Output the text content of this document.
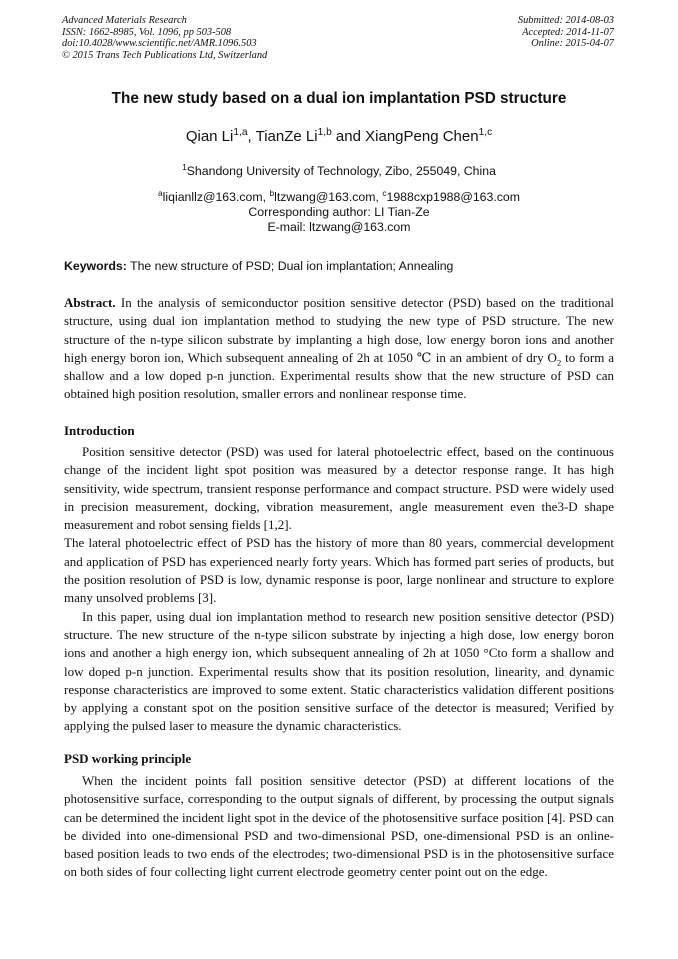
Advanced Materials Research
ISSN: 1662-8985, Vol. 1096, pp 503-508
doi:10.4028/www.scientific.net/AMR.1096.503
© 2015 Trans Tech Publications Ltd, Switzerland
Submitted: 2014-08-03
Accepted: 2014-11-07
Online: 2015-04-07
The new study based on a dual ion implantation PSD structure
Qian Li$^{1,a}$, TianZe Li$^{1,b}$ and XiangPeng Chen$^{1,c}$
$^1$Shandong University of Technology, Zibo, 255049, China
$^a$liqianllz@163.com, $^b$ltzwang@163.com, $^c$1988cxp1988@163.com
Corresponding author: LI Tian-Ze
E-mail: ltzwang@163.com
Keywords: The new structure of PSD; Dual ion implantation; Annealing

Abstract. In the analysis of semiconductor position sensitive detector (PSD) based on the traditional structure, using dual ion implantation method to studying the new type of PSD structure. The new structure of the n-type silicon substrate by implanting a high dose, low energy boron ions and another high energy boron ion, Which subsequent annealing of 2h at 1050 ℃ in an ambient of dry $O_2$ to form a shallow and a low doped p-n junction. Experimental results show that the new structure of PSD can obtained high position resolution, smaller errors and nonlinear response time.

Introduction

Position sensitive detector (PSD) was used for lateral photoelectric effect, based on the continuous change of the incident light spot position was measured by a detector response range. It has high sensitivity, wide spectrum, transient response performance and compact structure. PSD were widely used in precision measurement, docking, vibration measurement, angle measurement even the3-D shape measurement and robot sensing fields [1,2].

The lateral photoelectric effect of PSD has the history of more than 80 years, commercial development and application of PSD has experienced nearly forty years. Which has formed part series of products, but the position resolution of PSD is low, dynamic response is poor, large nonlinear and structure to explore many unsolved problems [3].

In this paper, using dual ion implantation method to research new position sensitive detector (PSD) structure. The new structure of the n-type silicon substrate by injecting a high dose, low energy boron ions and another a high energy ion, which subsequent annealing of 2h at 1050 °Cto form a shallow and low doped p-n junction. Experimental results show that its position resolution, linearity, and dynamic response characteristics are improved to some extent. Static characteristics validation different positions by applying a constant spot on the position sensitive surface of the detector is measured; Verified by applying the pulsed laser to measure the dynamic characteristics.

PSD working principle

When the incident points fall position sensitive detector (PSD) at different locations of the photosensitive surface, corresponding to the output signals of different, by processing the output signals can be determined the incident light spot in the device of the photosensitive surface position [4]. PSD can be divided into one-dimensional PSD and two-dimensional PSD, one-dimensional PSD is an online-based position leads to two ends of the electrodes; two-dimensional PSD is in the photosensitive surface on both sides of four collecting light current electrode geometry center point out on the edge.
